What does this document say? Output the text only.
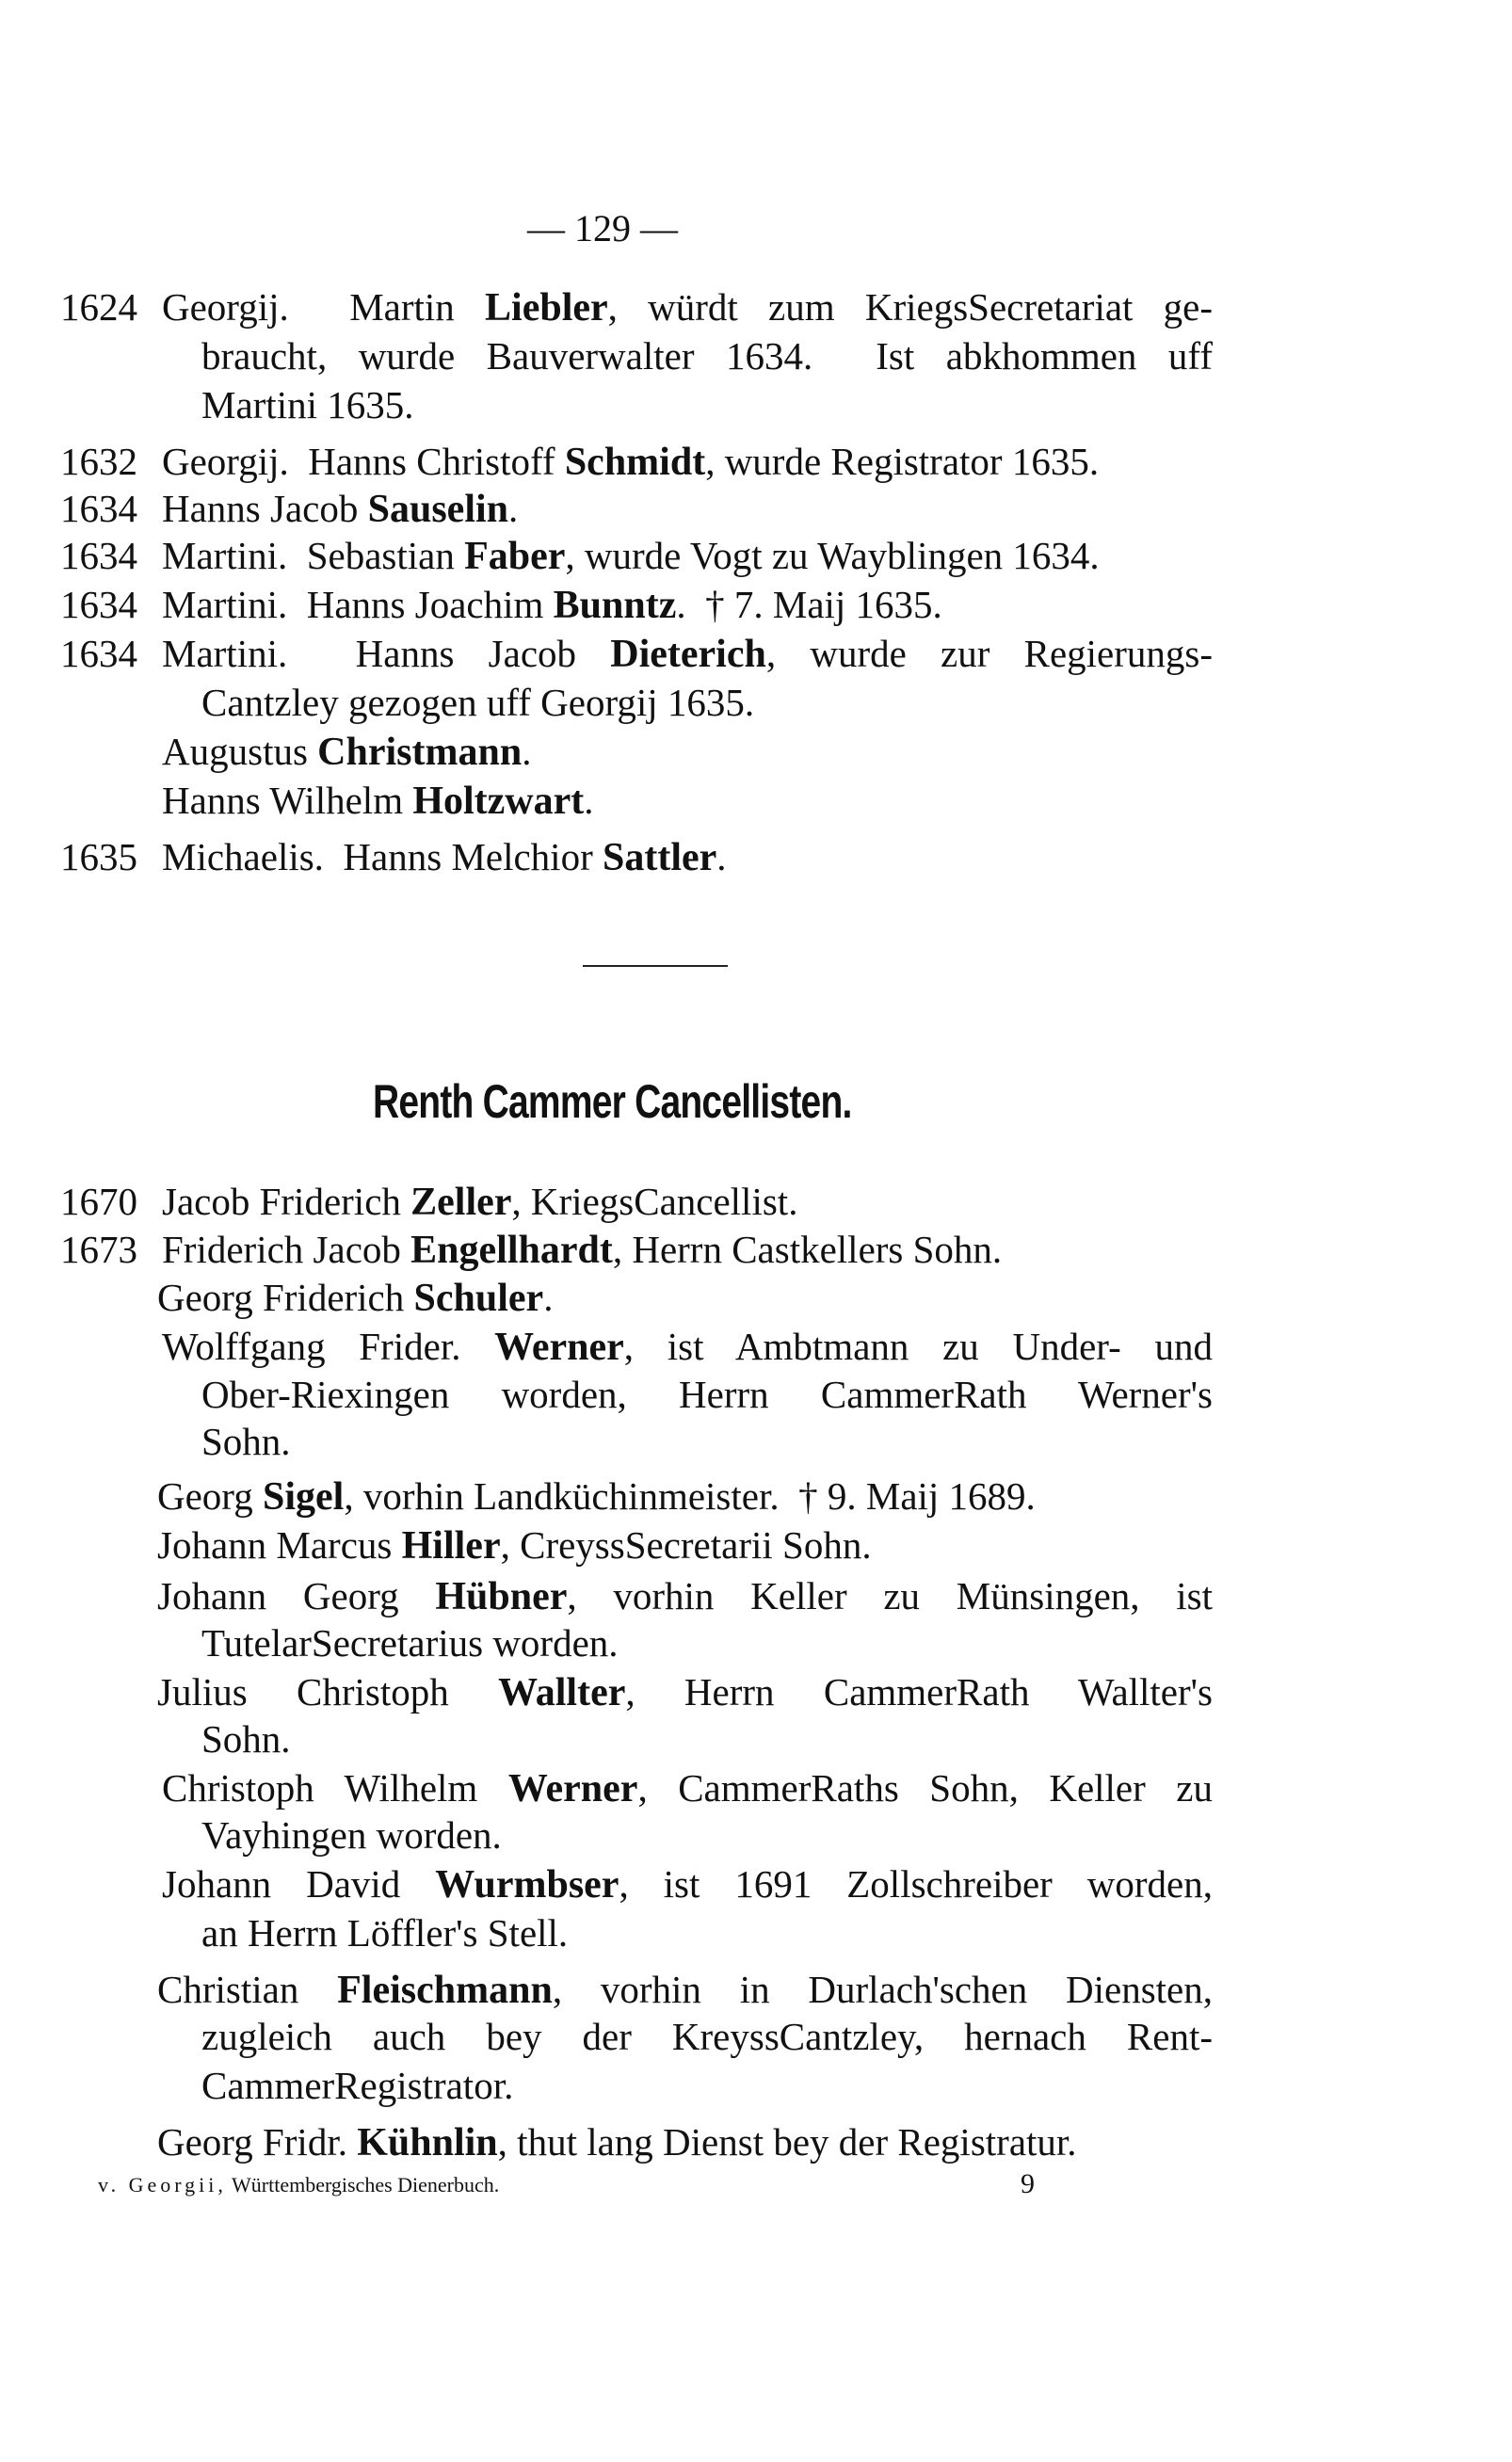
— 129 —
1624 Georgij.  Martin Liebler, würdt zum KriegsSecretariat ge-
braucht, wurde Bauverwalter 1634.  Ist abkhommen uff
Martini 1635.
1632 Georgij.  Hanns Christoff Schmidt, wurde Registrator 1635.
1634 Hanns Jacob Sauselin.
1634 Martini.  Sebastian Faber, wurde Vogt zu Wayblingen 1634.
1634 Martini.  Hanns Joachim Bunntz.  † 7. Maij 1635.
1634 Martini.  Hanns Jacob Dieterich, wurde zur Regierungs-
Cantzley gezogen uff Georgij 1635.
Augustus Christmann.
Hanns Wilhelm Holtzwart.
1635 Michaelis.  Hanns Melchior Sattler.
1670 Jacob Friderich Zeller, KriegsCancellist.
1673 Friderich Jacob Engellhardt, Herrn Castkellers Sohn.
Georg Friderich Schuler.
Wolffgang Frider. Werner, ist Ambtmann zu Under- und
Ober-Riexingen worden, Herrn CammerRath Werner's
Sohn.
Georg Sigel, vorhin Landküchinmeister.  † 9. Maij 1689.
Johann Marcus Hiller, CreyssSecretarii Sohn.
Johann Georg Hübner, vorhin Keller zu Münsingen, ist
TutelarSecretarius worden.
Julius Christoph Wallter, Herrn CammerRath Wallter's
Sohn.
Christoph Wilhelm Werner, CammerRaths Sohn, Keller zu
Vayhingen worden.
Johann David Wurmbser, ist 1691 Zollschreiber worden,
an Herrn Löffler's Stell.
Christian Fleischmann, vorhin in Durlach'schen Diensten,
zugleich auch bey der KreyssCantzley, hernach Rent-
CammerRegistrator.
Georg Fridr. Kühnlin, thut lang Dienst bey der Registratur.
Renth Cammer Cancellisten.
v. Georgii, Württembergisches Dienerbuch.	9
